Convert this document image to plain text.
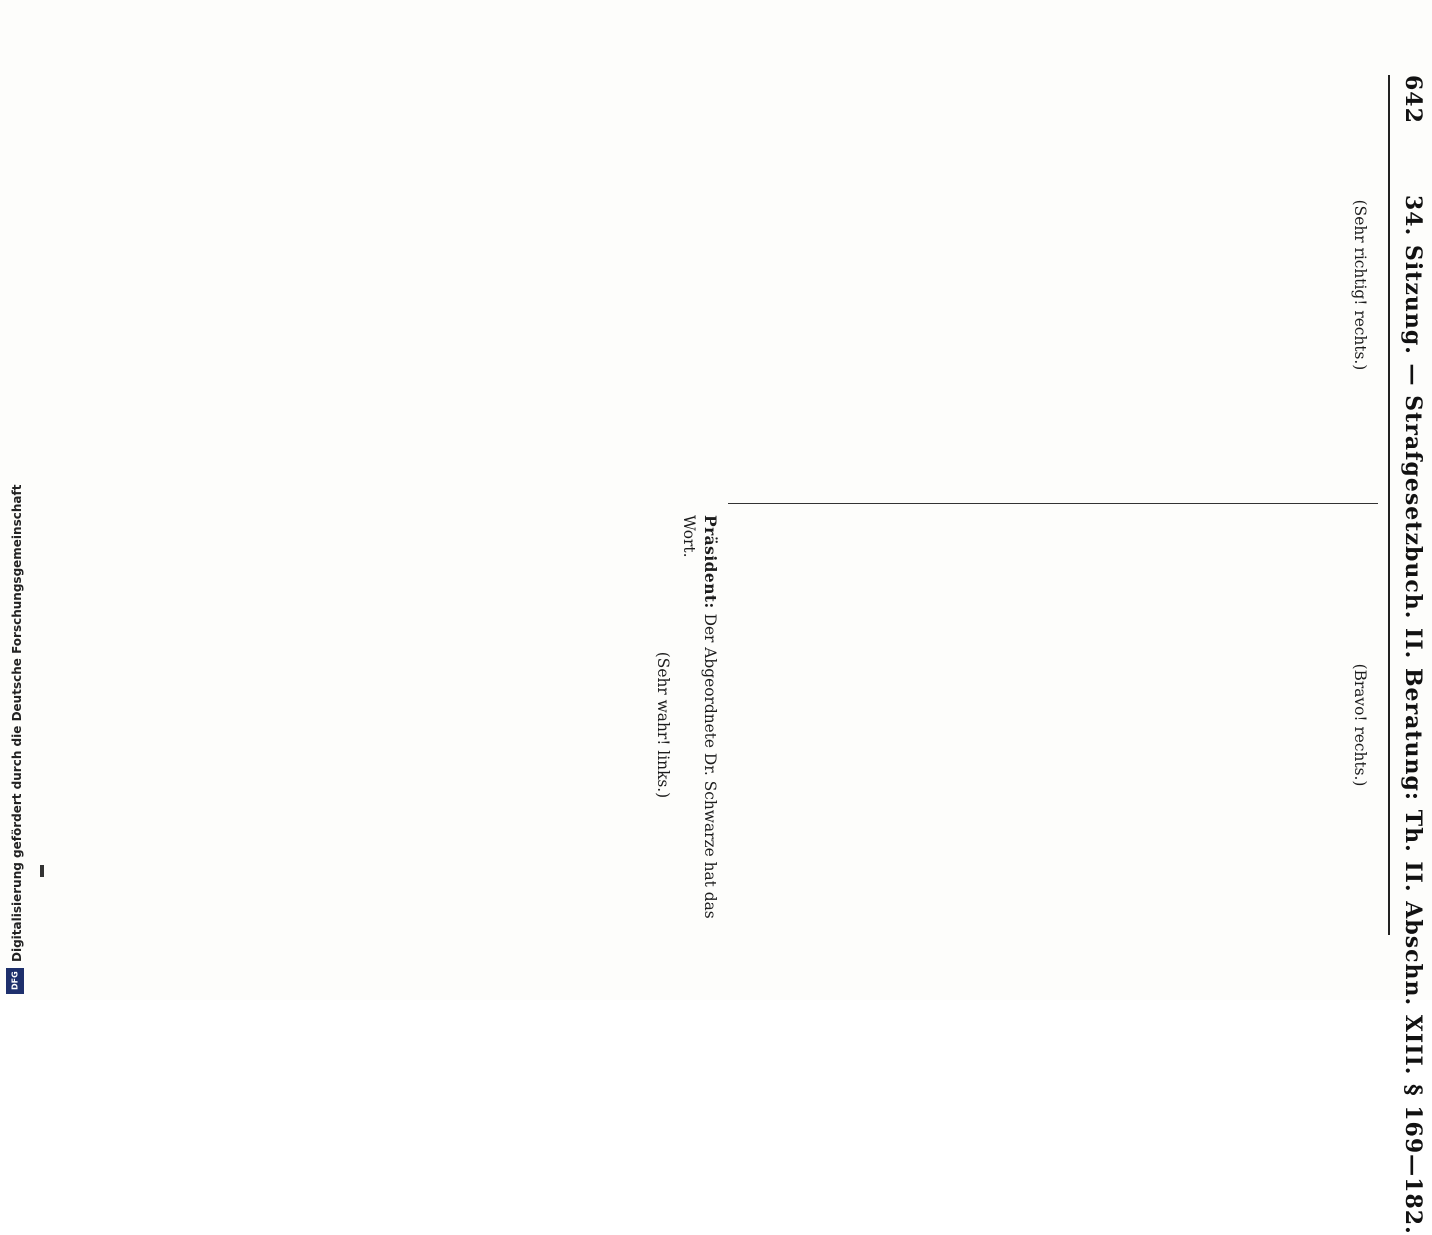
Digitalisierung gefördert durch die Deutsche Forschungsgemeinschaft
DFG
642
34. Sitzung. — Strafgesetzbuch. II. Beratung: Th. II. Abschn. XIII. § 169—182.
(Sehr richtig! rechts.)
(Bravo! rechts.)
Präsident: Der Abgeordnete Dr. Schwarze hat das Wort.
(Sehr wahr! links.)
